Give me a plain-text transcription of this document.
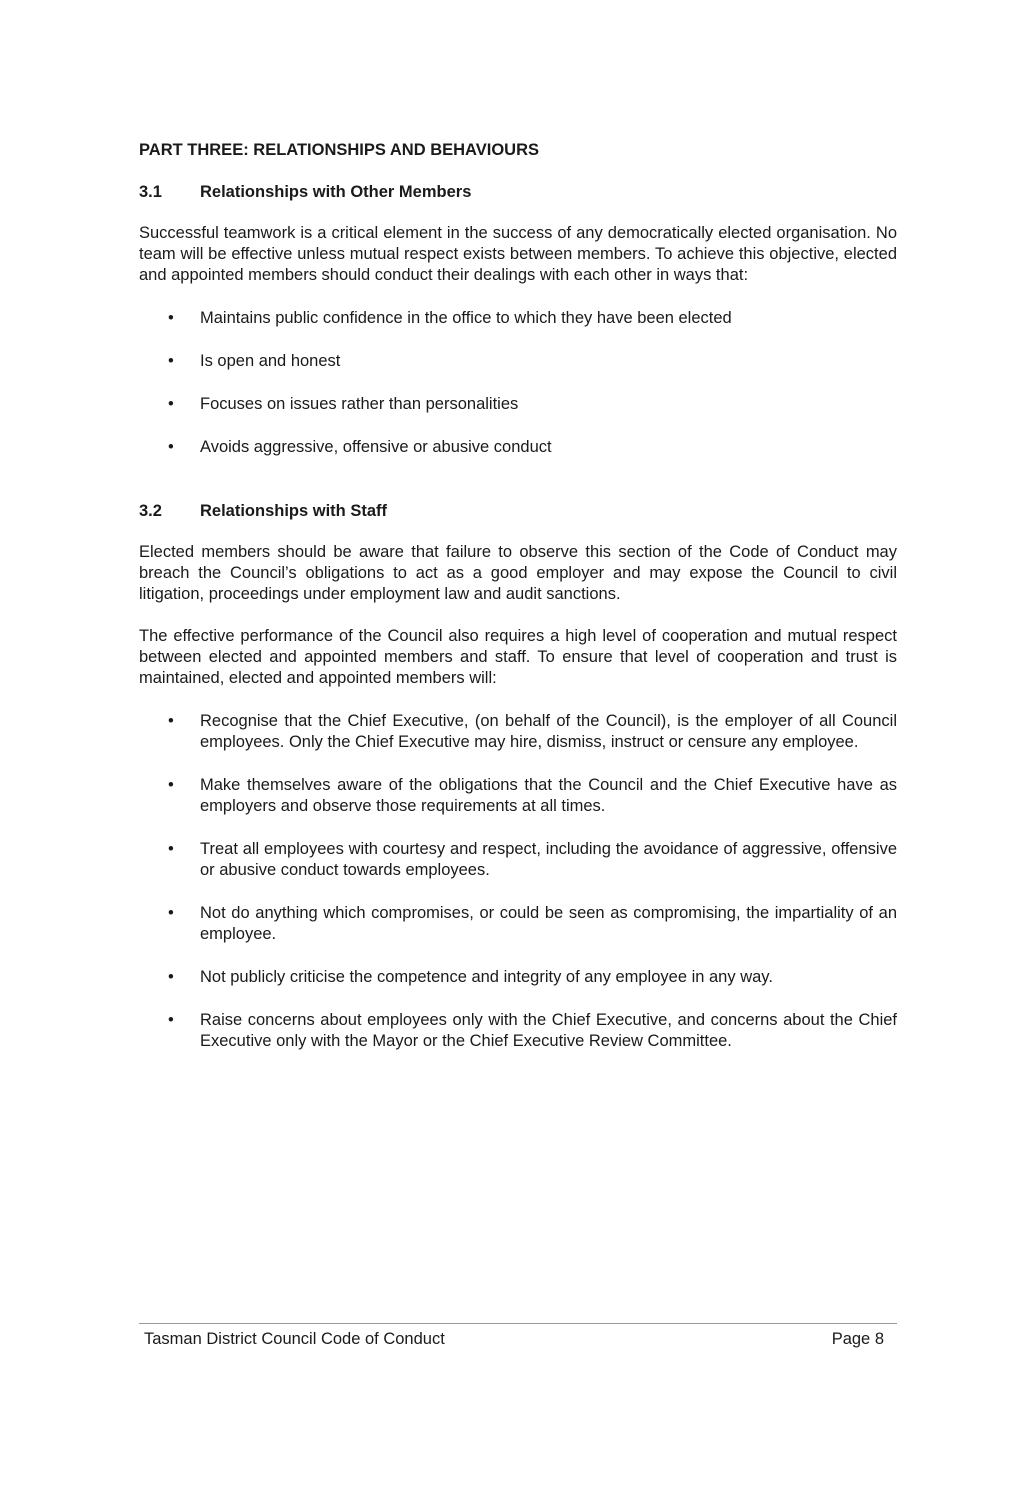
PART THREE: RELATIONSHIPS AND BEHAVIOURS
3.1	Relationships with Other Members

Successful teamwork is a critical element in the success of any democratically elected organisation. No team will be effective unless mutual respect exists between members. To achieve this objective, elected and appointed members should conduct their dealings with each other in ways that:

• Maintains public confidence in the office to which they have been elected
• Is open and honest
• Focuses on issues rather than personalities
• Avoids aggressive, offensive or abusive conduct
3.2	Relationships with Staff

Elected members should be aware that failure to observe this section of the Code of Conduct may breach the Council’s obligations to act as a good employer and may expose the Council to civil litigation, proceedings under employment law and audit sanctions.

The effective performance of the Council also requires a high level of cooperation and mutual respect between elected and appointed members and staff. To ensure that level of cooperation and trust is maintained, elected and appointed members will:

• Recognise that the Chief Executive, (on behalf of the Council), is the employer of all Council employees. Only the Chief Executive may hire, dismiss, instruct or censure any employee.
• Make themselves aware of the obligations that the Council and the Chief Executive have as employers and observe those requirements at all times.
• Treat all employees with courtesy and respect, including the avoidance of aggressive, offensive or abusive conduct towards employees.
• Not do anything which compromises, or could be seen as compromising, the impartiality of an employee.
• Not publicly criticise the competence and integrity of any employee in any way.
• Raise concerns about employees only with the Chief Executive, and concerns about the Chief Executive only with the Mayor or the Chief Executive Review Committee.
Tasman District Council Code of Conduct	Page 8
